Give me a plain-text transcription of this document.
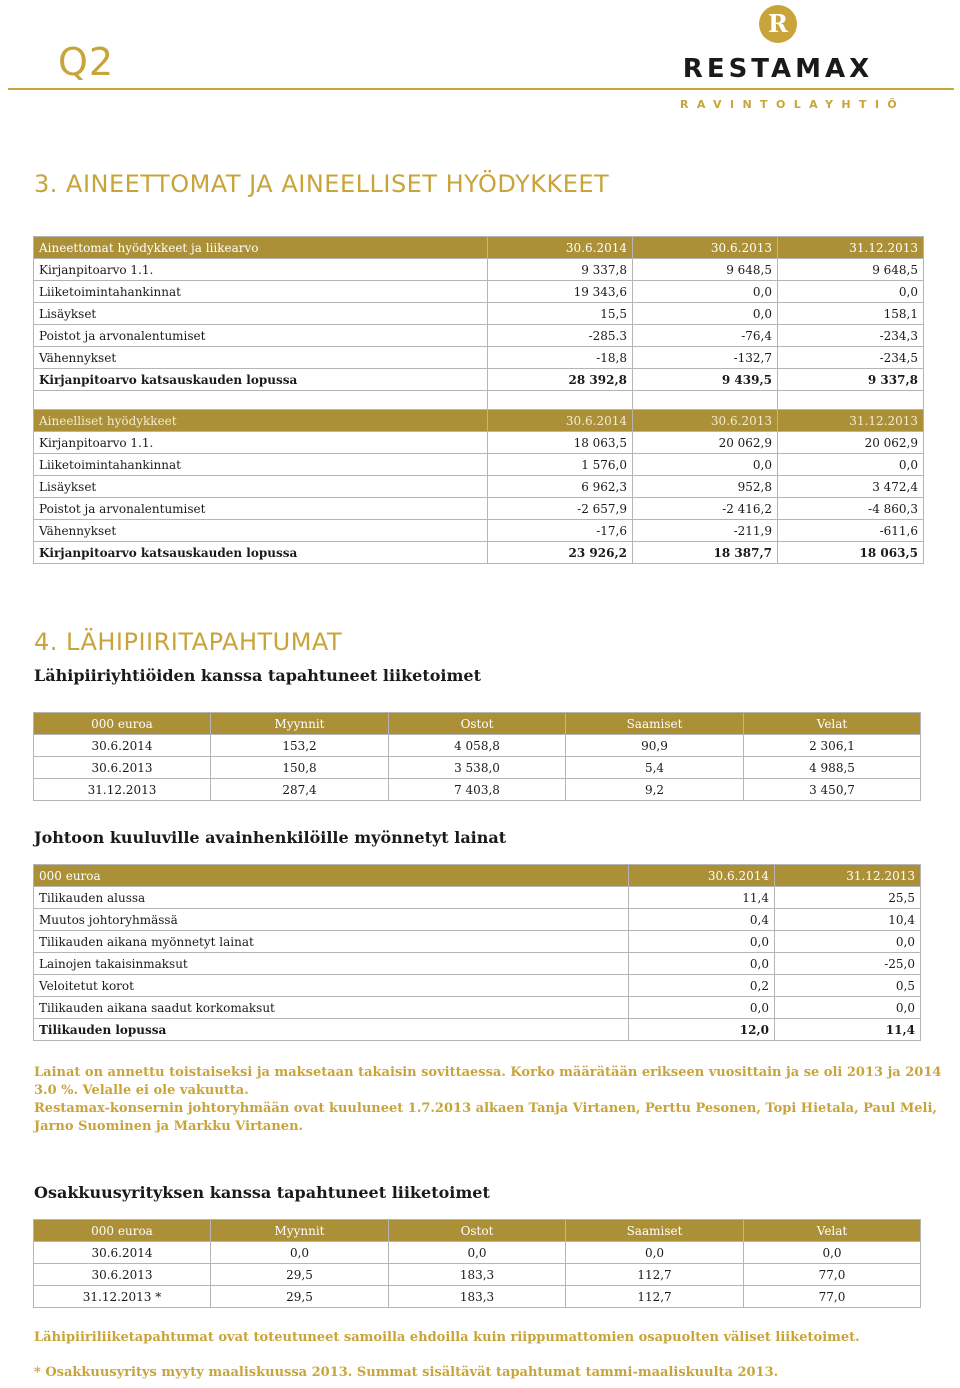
Q2
R
RESTAMAX
RAVINTOLAYHTIÖ
3. AINEETTOMAT JA AINEELLISET HYÖDYKKEET
Aineettomat hyödykkeet ja liikearvo	30.6.2014	30.6.2013	31.12.2013
Kirjanpitoarvo 1.1.	9 337,8	9 648,5	9 648,5
Liiketoimintahankinnat	19 343,6	0,0	0,0
Lisäykset	15,5	0,0	158,1
Poistot ja arvonalentumiset	-285.3	-76,4	-234,3
Vähennykset	-18,8	-132,7	-234,5
Kirjanpitoarvo katsauskauden lopussa	28 392,8	9 439,5	9 337,8

Aineelliset hyödykkeet	30.6.2014	30.6.2013	31.12.2013
Kirjanpitoarvo 1.1.	18 063,5	20 062,9	20 062,9
Liiketoimintahankinnat	1 576,0	0,0	0,0
Lisäykset	6 962,3	952,8	3 472,4
Poistot ja arvonalentumiset	-2 657,9	-2 416,2	-4 860,3
Vähennykset	-17,6	-211,9	-611,6
Kirjanpitoarvo katsauskauden lopussa	23 926,2	18 387,7	18 063,5
4. LÄHIPIIRITAPAHTUMAT
Lähipiiriyhtiöiden kanssa tapahtuneet liiketoimet
000 euroa	Myynnit	Ostot	Saamiset	Velat
30.6.2014	153,2	4 058,8	90,9	2 306,1
30.6.2013	150,8	3 538,0	5,4	4 988,5
31.12.2013	287,4	7 403,8	9,2	3 450,7
Johtoon kuuluville avainhenkilöille myönnetyt lainat
000 euroa	30.6.2014	31.12.2013
Tilikauden alussa	11,4	25,5
Muutos johtoryhmässä	0,4	10,4
Tilikauden aikana myönnetyt lainat	0,0	0,0
Lainojen takaisinmaksut	0,0	-25,0
Veloitetut korot	0,2	0,5
Tilikauden aikana saadut korkomaksut	0,0	0,0
Tilikauden lopussa	12,0	11,4
Lainat on annettu toistaiseksi ja maksetaan takaisin sovittaessa. Korko määrätään erikseen vuosittain ja se oli 2013 ja 2014 3.0 %. Velalle ei ole vakuutta.
Restamax-konsernin johtoryhmään ovat kuuluneet 1.7.2013 alkaen Tanja Virtanen, Perttu Pesonen, Topi Hietala, Paul Meli, Jarno Suominen ja Markku Virtanen.
Osakkuusyrityksen kanssa tapahtuneet liiketoimet
000 euroa	Myynnit	Ostot	Saamiset	Velat
30.6.2014	0,0	0,0	0,0	0,0
30.6.2013	29,5	183,3	112,7	77,0
31.12.2013 *	29,5	183,3	112,7	77,0
Lähipiiriliiketapahtumat ovat toteutuneet samoilla ehdoilla kuin riippumattomien osapuolten väliset liiketoimet.
* Osakkuusyritys myyty maaliskuussa 2013. Summat sisältävät tapahtumat tammi-maaliskuulta 2013.
